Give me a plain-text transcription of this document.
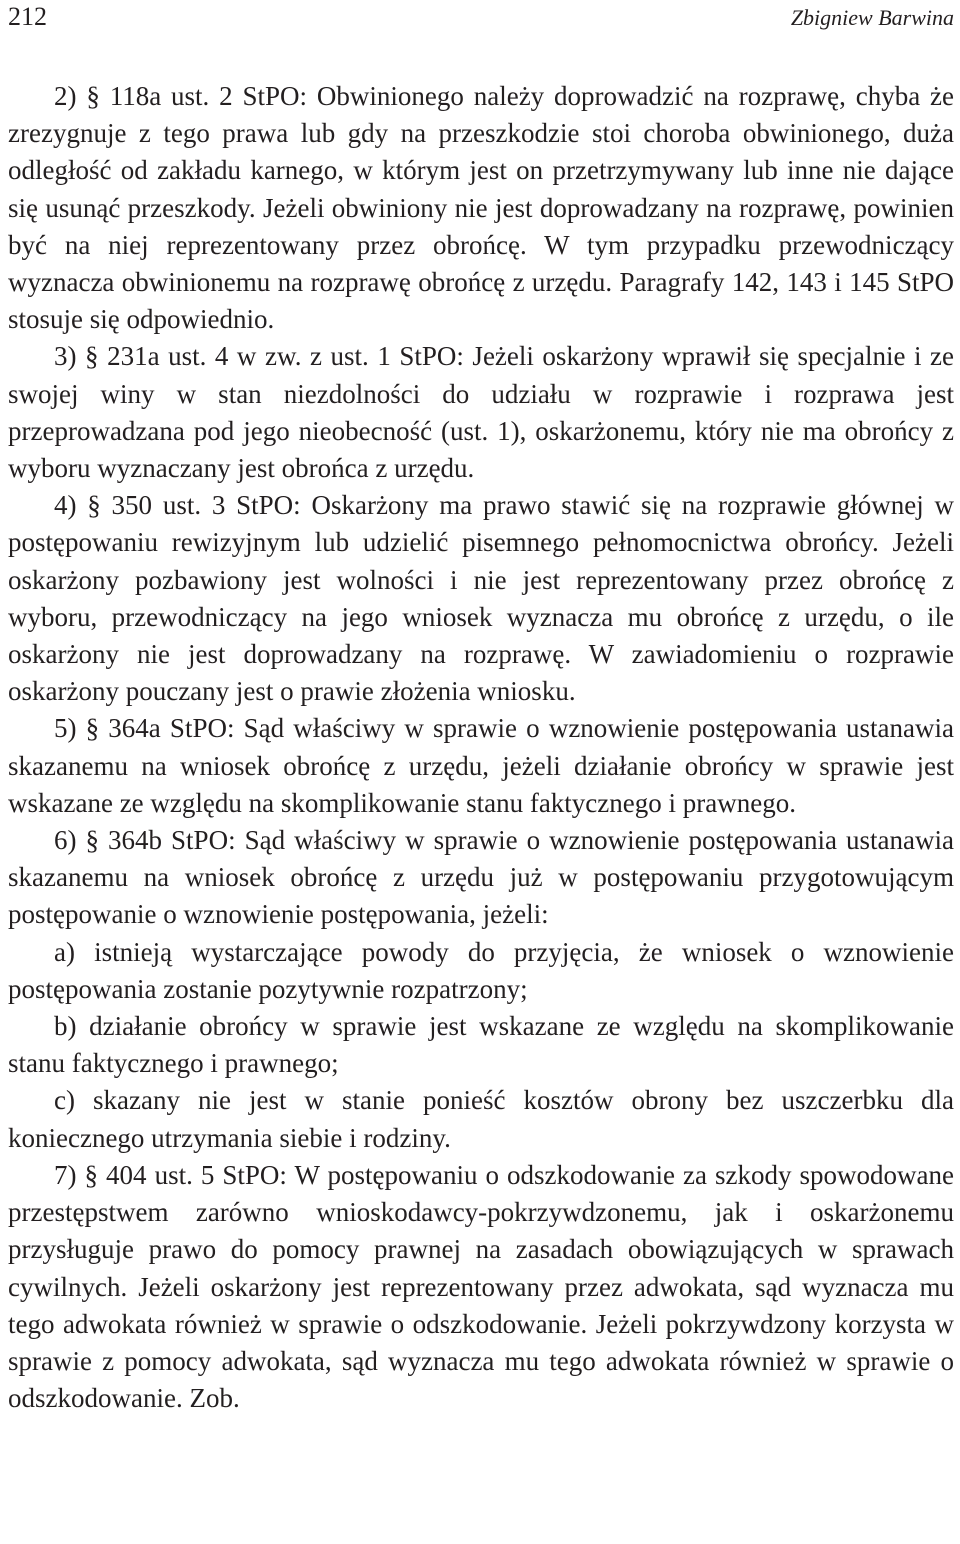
212	Zbigniew Barwina

2) § 118a ust. 2 StPO: Obwinionego należy doprowadzić na rozprawę, chyba że zrezygnuje z tego prawa lub gdy na przeszkodzie stoi choroba obwinionego, duża odległość od zakładu karnego, w którym jest on przetrzymywany lub inne nie dające się usunąć przeszkody. Jeżeli obwiniony nie jest doprowadzany na rozprawę, powinien być na niej reprezentowany przez obrońcę. W tym przypadku przewodniczący wyznacza obwinionemu na rozprawę obrońcę z urzędu. Paragrafy 142, 143 i 145 StPO stosuje się odpowiednio.

3) § 231a ust. 4 w zw. z ust. 1 StPO: Jeżeli oskarżony wprawił się specjalnie i ze swojej winy w stan niezdolności do udziału w rozprawie i rozprawa jest przeprowadzana pod jego nieobecność (ust. 1), oskarżonemu, który nie ma obrońcy z wyboru wyznaczany jest obrońca z urzędu.

4) § 350 ust. 3 StPO: Oskarżony ma prawo stawić się na rozprawie głównej w postępowaniu rewizyjnym lub udzielić pisemnego pełnomocnictwa obrońcy. Jeżeli oskarżony pozbawiony jest wolności i nie jest reprezentowany przez obrońcę z wyboru, przewodniczący na jego wniosek wyznacza mu obrońcę z urzędu, o ile oskarżony nie jest doprowadzany na rozprawę. W zawiadomieniu o rozprawie oskarżony pouczany jest o prawie złożenia wniosku.

5) § 364a StPO: Sąd właściwy w sprawie o wznowienie postępowania ustanawia skazanemu na wniosek obrońcę z urzędu, jeżeli działanie obrońcy w sprawie jest wskazane ze względu na skomplikowanie stanu faktycznego i prawnego.

6) § 364b StPO: Sąd właściwy w sprawie o wznowienie postępowania ustanawia skazanemu na wniosek obrońcę z urzędu już w postępowaniu przygotowującym postępowanie o wznowienie postępowania, jeżeli:

a) istnieją wystarczające powody do przyjęcia, że wniosek o wznowienie postępowania zostanie pozytywnie rozpatrzony;

b) działanie obrońcy w sprawie jest wskazane ze względu na skomplikowanie stanu faktycznego i prawnego;

c) skazany nie jest w stanie ponieść kosztów obrony bez uszczerbku dla koniecznego utrzymania siebie i rodziny.

7) § 404 ust. 5 StPO: W postępowaniu o odszkodowanie za szkody spowodowane przestępstwem zarówno wnioskodawcy-pokrzywdzonemu, jak i oskarżonemu przysługuje prawo do pomocy prawnej na zasadach obowiązujących w sprawach cywilnych. Jeżeli oskarżony jest reprezentowany przez adwokata, sąd wyznacza mu tego adwokata również w sprawie o odszkodowanie. Jeżeli pokrzywdzony korzysta w sprawie z pomocy adwokata, sąd wyznacza mu tego adwokata również w sprawie o odszkodowanie. Zob.
